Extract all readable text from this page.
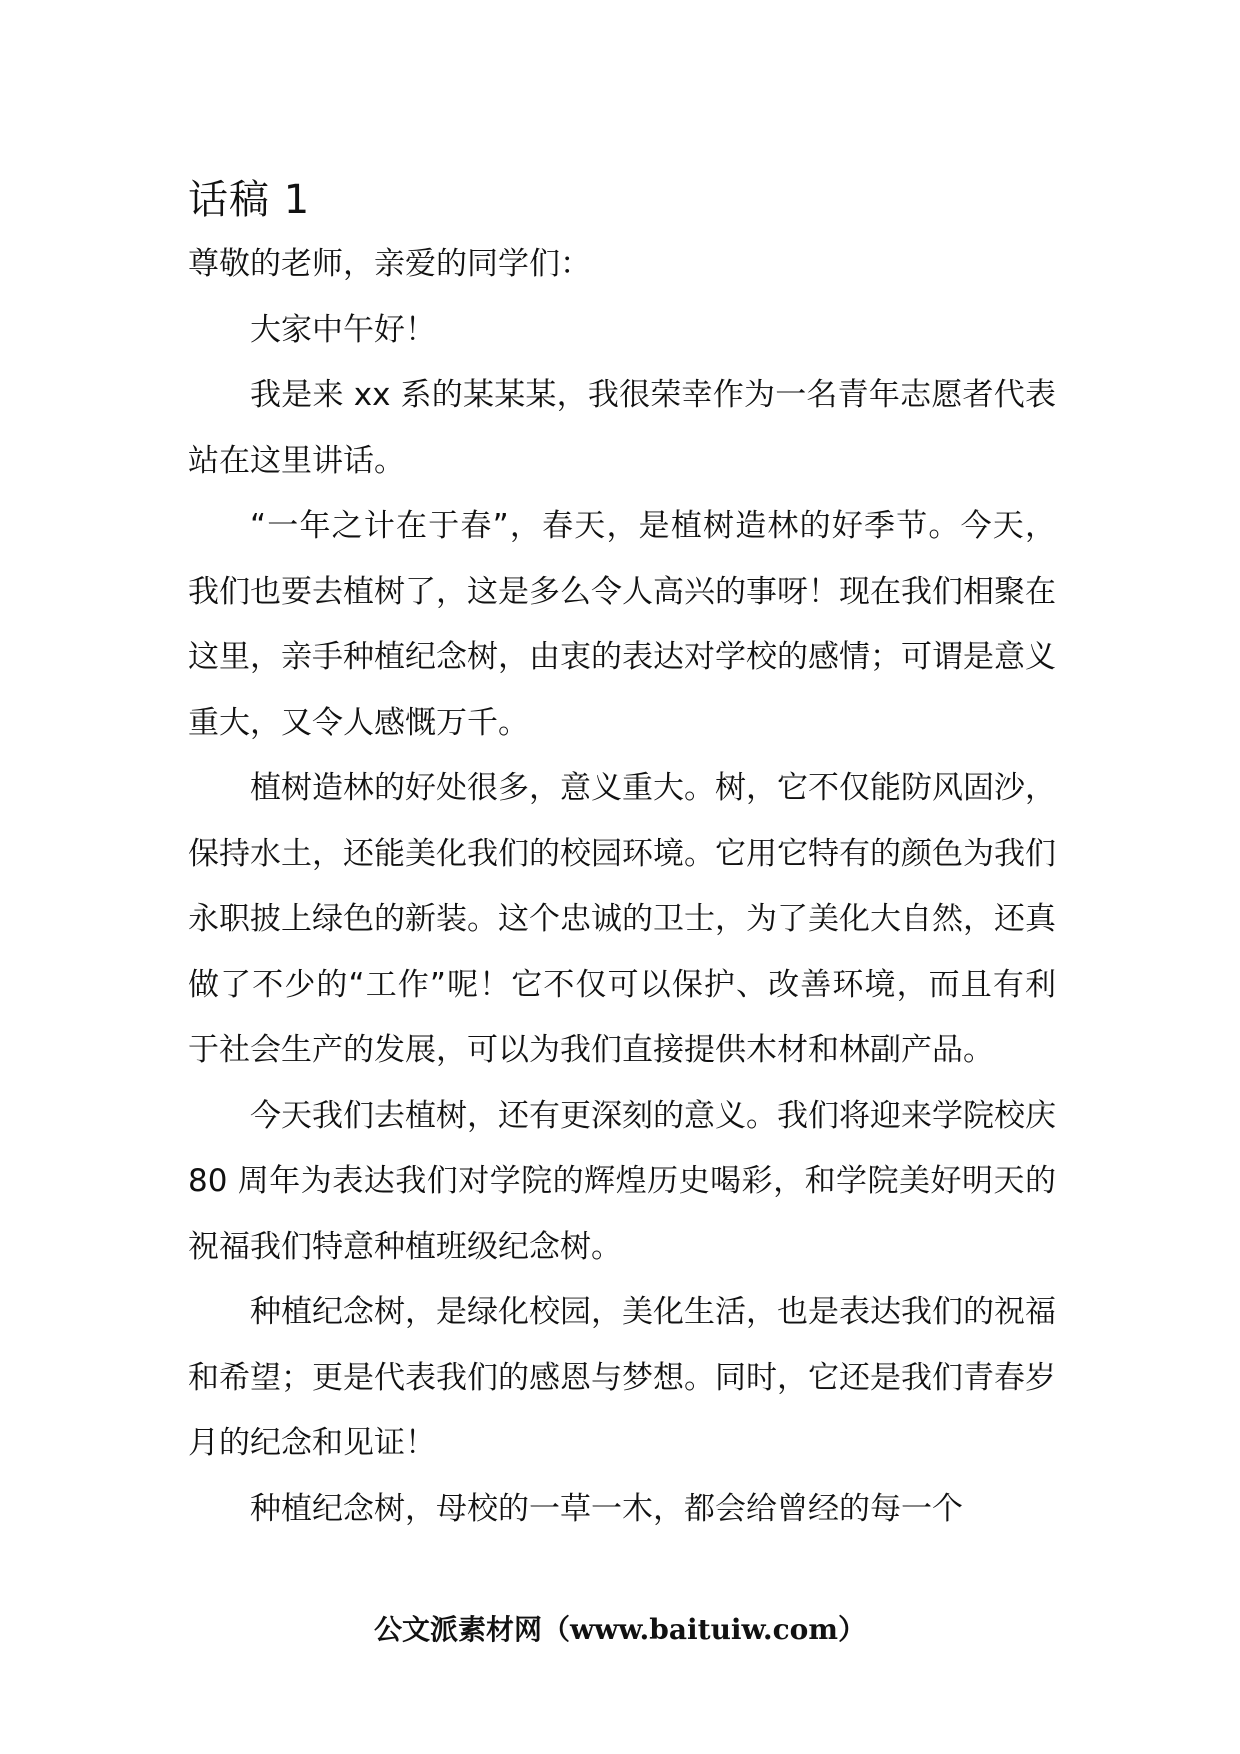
话稿 1

尊敬的老师，亲爱的同学们：

大家中午好！

我是来 xx 系的某某某，我很荣幸作为一名青年志愿者代表站在这里讲话。

“一年之计在于春”，春天，是植树造林的好季节。今天，我们也要去植树了，这是多么令人高兴的事呀！现在我们相聚在这里，亲手种植纪念树，由衷的表达对学校的感情；可谓是意义重大，又令人感慨万千。

植树造林的好处很多，意义重大。树，它不仅能防风固沙，保持水土，还能美化我们的校园环境。它用它特有的颜色为我们永职披上绿色的新装。这个忠诚的卫士，为了美化大自然，还真做了不少的“工作”呢！它不仅可以保护、改善环境，而且有利于社会生产的发展，可以为我们直接提供木材和林副产品。

今天我们去植树，还有更深刻的意义。我们将迎来学院校庆 80 周年为表达我们对学院的辉煌历史喝彩，和学院美好明天的祝福我们特意种植班级纪念树。

种植纪念树，是绿化校园，美化生活，也是表达我们的祝福和希望；更是代表我们的感恩与梦想。同时，它还是我们青春岁月的纪念和见证！

种植纪念树，母校的一草一木，都会给曾经的每一个

公文派素材网（www.baituiw.com）
